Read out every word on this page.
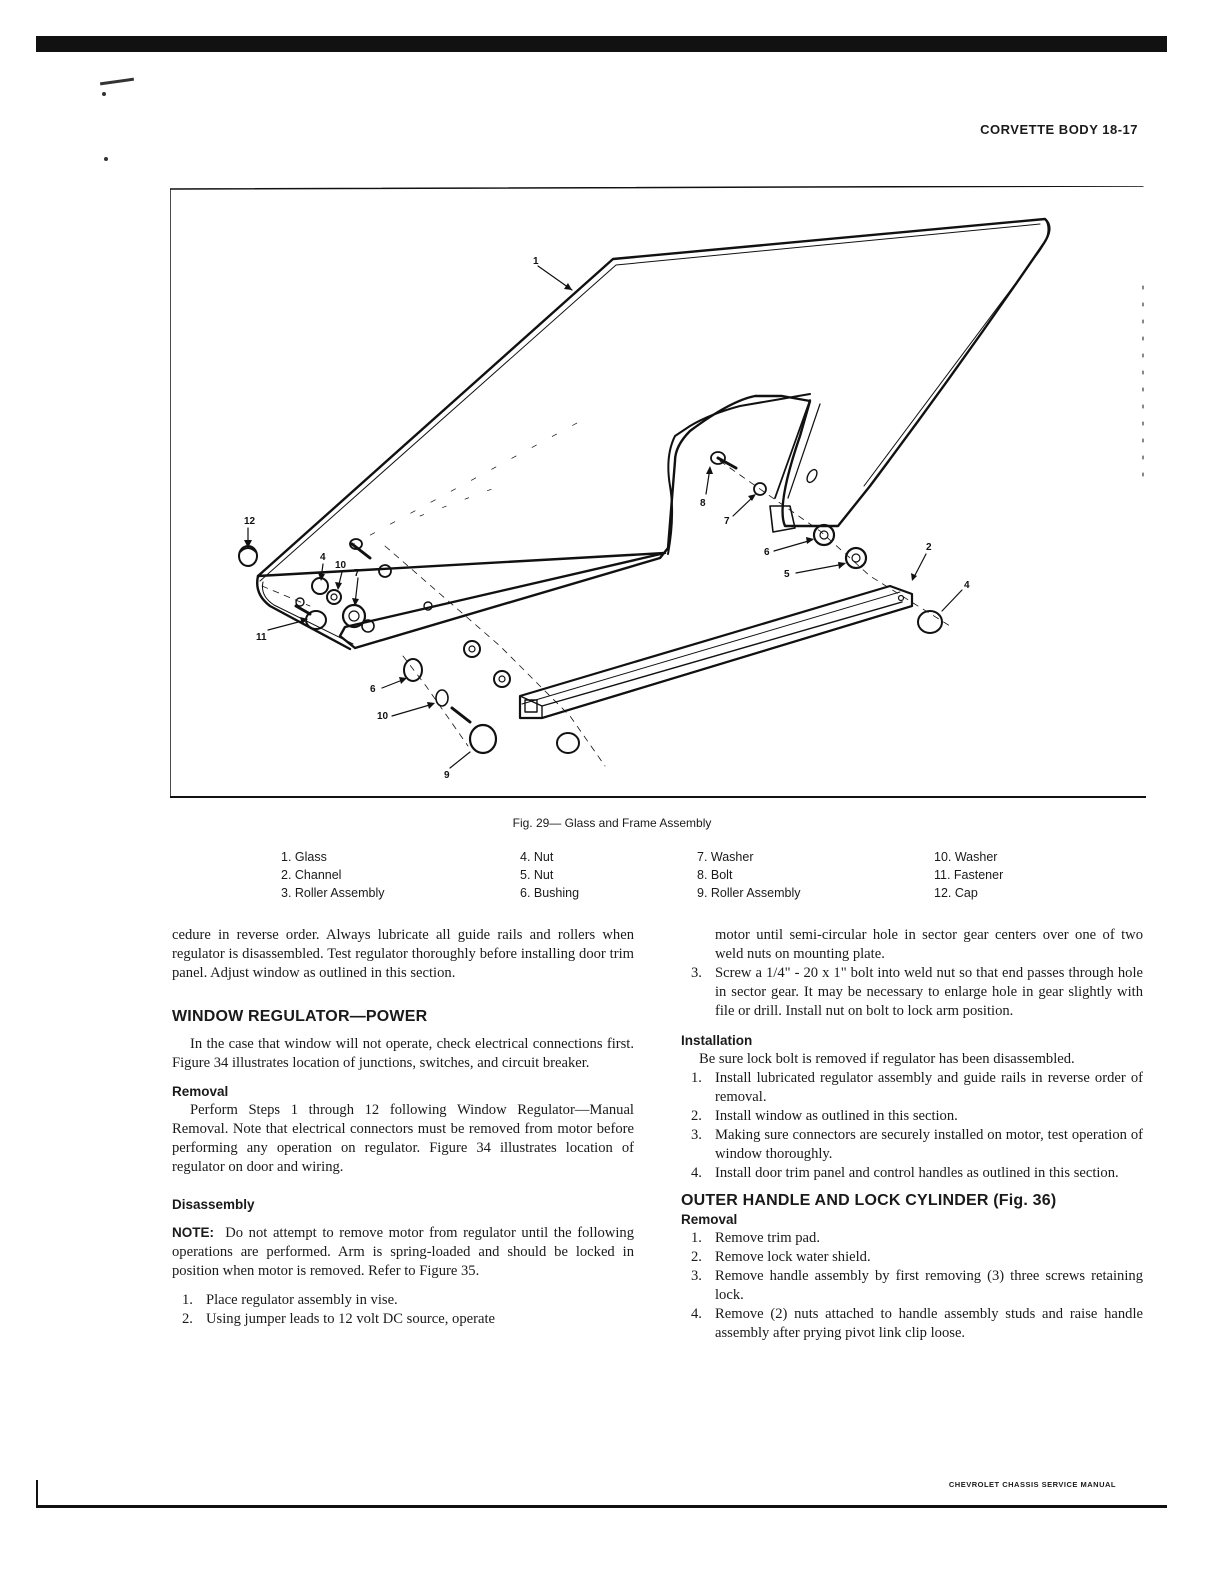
CORVETTE BODY 18-17
1
2
4
4
5
6
6
7
7
8
9
10
10
11
12
Fig. 29— Glass and Frame Assembly
1. Glass
2. Channel
3. Roller Assembly
4. Nut
5. Nut
6. Bushing
7. Washer
8. Bolt
9. Roller Assembly
10. Washer
11. Fastener
12. Cap

cedure in reverse order. Always lubricate all guide rails and rollers when regulator is disassembled. Test regulator thoroughly before installing door trim panel. Adjust window as outlined in this section.

WINDOW REGULATOR—POWER

In the case that window will not operate, check electrical connections first. Figure 34 illustrates location of junctions, switches, and circuit breaker.

Removal

Perform Steps 1 through 12 following Window Regulator—Manual Removal. Note that electrical connectors must be removed from motor before performing any operation on regulator. Figure 34 illustrates location of regulator on door and wiring.

Disassembly

NOTE: Do not attempt to remove motor from regulator until the following operations are performed. Arm is spring-loaded and should be locked in position when motor is removed. Refer to Figure 35.

1. Place regulator assembly in vise.
2. Using jumper leads to 12 volt DC source, operate
motor until semi-circular hole in sector gear centers over one of two weld nuts on mounting plate.
3. Screw a 1/4" - 20 x 1" bolt into weld nut so that end passes through hole in sector gear. It may be necessary to enlarge hole in gear slightly with file or drill. Install nut on bolt to lock arm position.

Installation

Be sure lock bolt is removed if regulator has been disassembled.

1. Install lubricated regulator assembly and guide rails in reverse order of removal.
2. Install window as outlined in this section.
3. Making sure connectors are securely installed on motor, test operation of window thoroughly.
4. Install door trim panel and control handles as outlined in this section.

OUTER HANDLE AND LOCK CYLINDER (Fig. 36)

Removal

1. Remove trim pad.
2. Remove lock water shield.
3. Remove handle assembly by first removing (3) three screws retaining lock.
4. Remove (2) nuts attached to handle assembly studs and raise handle assembly after prying pivot link clip loose.
CHEVROLET CHASSIS SERVICE MANUAL
